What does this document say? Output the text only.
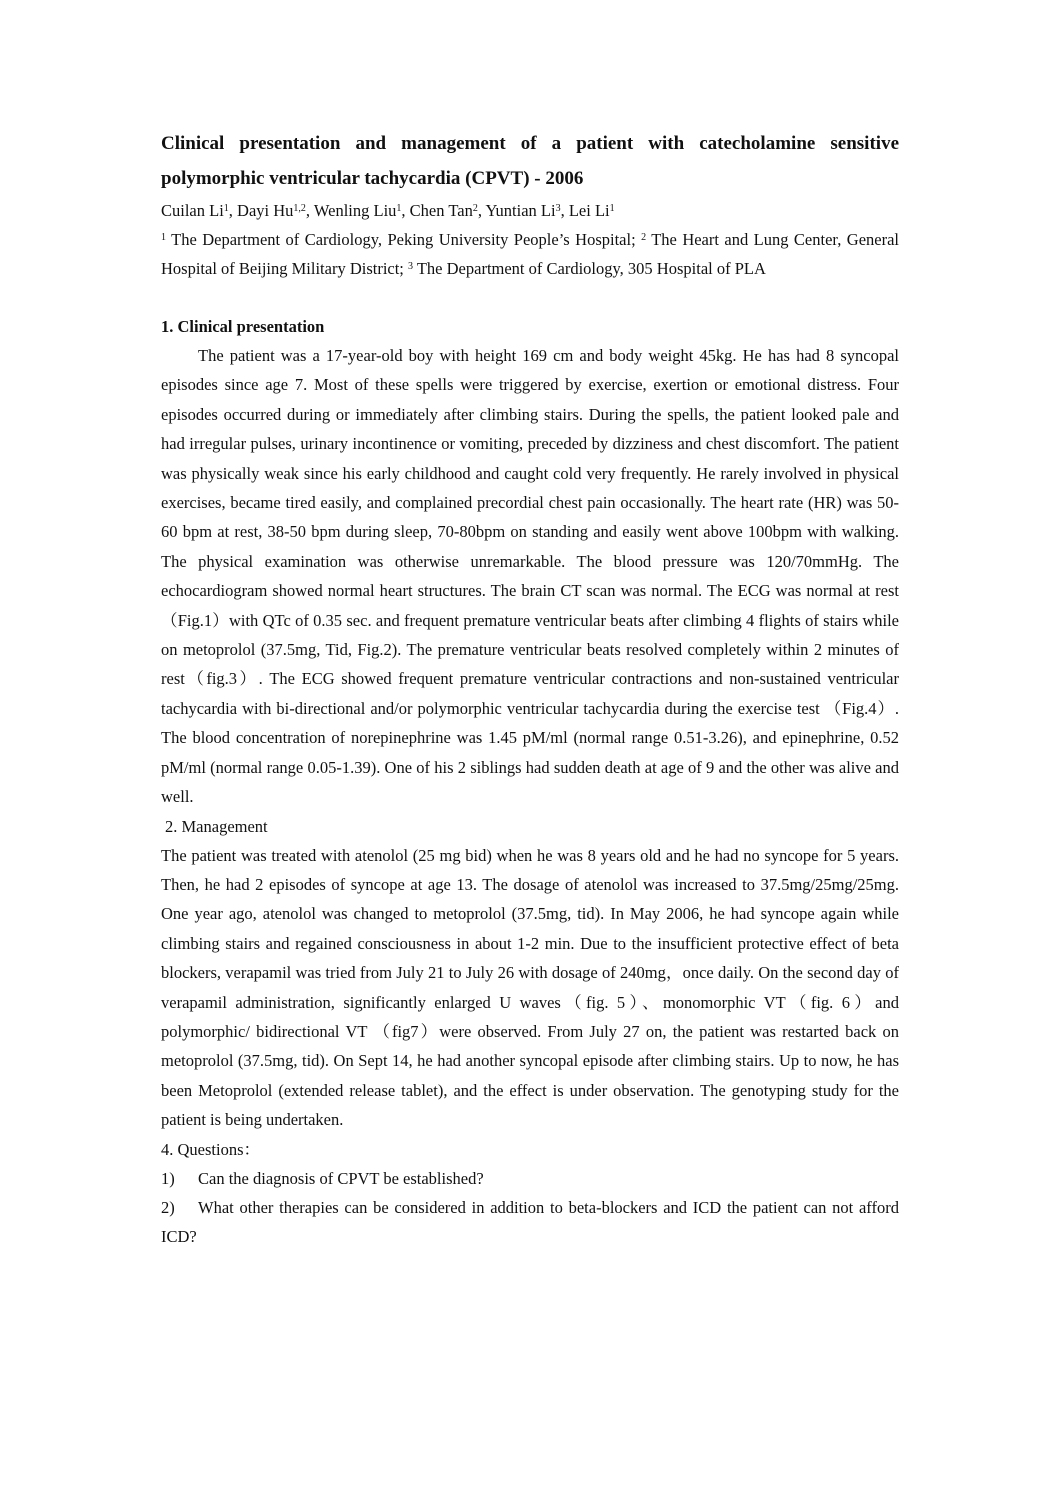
Clinical presentation and management of a patient with catecholamine sensitive
polymorphic ventricular tachycardia (CPVT) - 2006
Cuilan Li$^1$, Dayi Hu$^{1,2}$, Wenling Liu$^1$, Chen Tan$^2$, Yuntian Li$^3$, Lei Li$^1$
$^1$ The Department of Cardiology, Peking University People’s Hospital; $^2$ The Heart and Lung Center, General Hospital of Beijing Military District; $^3$ The Department of Cardiology, 305 Hospital of PLA
1. Clinical presentation

The patient was a 17-year-old boy with height 169 cm and body weight 45kg. He has had 8 syncopal episodes since age 7. Most of these spells were triggered by exercise, exertion or emotional distress. Four episodes occurred during or immediately after climbing stairs. During the spells, the patient looked pale and had irregular pulses, urinary incontinence or vomiting, preceded by dizziness and chest discomfort. The patient was physically weak since his early childhood and caught cold very frequently. He rarely involved in physical exercises, became tired easily, and complained precordial chest pain occasionally. The heart rate (HR) was 50-60 bpm at rest, 38-50 bpm during sleep, 70-80bpm on standing and easily went above 100bpm with walking. The physical examination was otherwise unremarkable. The blood pressure was 120/70mmHg. The echocardiogram showed normal heart structures. The brain CT scan was normal. The ECG was normal at rest（Fig.1）with QTc of 0.35 sec. and frequent premature ventricular beats after climbing 4 flights of stairs while on metoprolol (37.5mg, Tid, Fig.2). The premature ventricular beats resolved completely within 2 minutes of rest（fig.3）. The ECG showed frequent premature ventricular contractions and non-sustained ventricular tachycardia with bi-directional and/or polymorphic ventricular tachycardia during the exercise test （Fig.4）. The blood concentration of norepinephrine was 1.45 pM/ml (normal range 0.51-3.26), and epinephrine, 0.52 pM/ml (normal range 0.05-1.39). One of his 2 siblings had sudden death at age of 9 and the other was alive and well.

2. Management

The patient was treated with atenolol (25 mg bid) when he was 8 years old and he had no syncope for 5 years. Then, he had 2 episodes of syncope at age 13. The dosage of atenolol was increased to 37.5mg/25mg/25mg. One year ago, atenolol was changed to metoprolol (37.5mg, tid). In May 2006, he had syncope again while climbing stairs and regained consciousness in about 1-2 min. Due to the insufficient protective effect of beta blockers, verapamil was tried from July 21 to July 26 with dosage of 240mg，once daily. On the second day of verapamil administration, significantly enlarged U waves（fig. 5）、monomorphic VT（fig. 6）and polymorphic/ bidirectional VT （fig7）were observed. From July 27 on, the patient was restarted back on metoprolol (37.5mg, tid). On Sept 14, he had another syncopal episode after climbing stairs. Up to now, he has been Metoprolol (extended release tablet), and the effect is under observation. The genotyping study for the patient is being undertaken.

4. Questions：
1) Can the diagnosis of CPVT be established?
2) What other therapies can be considered in addition to beta-blockers and ICD the patient can not afford ICD?
